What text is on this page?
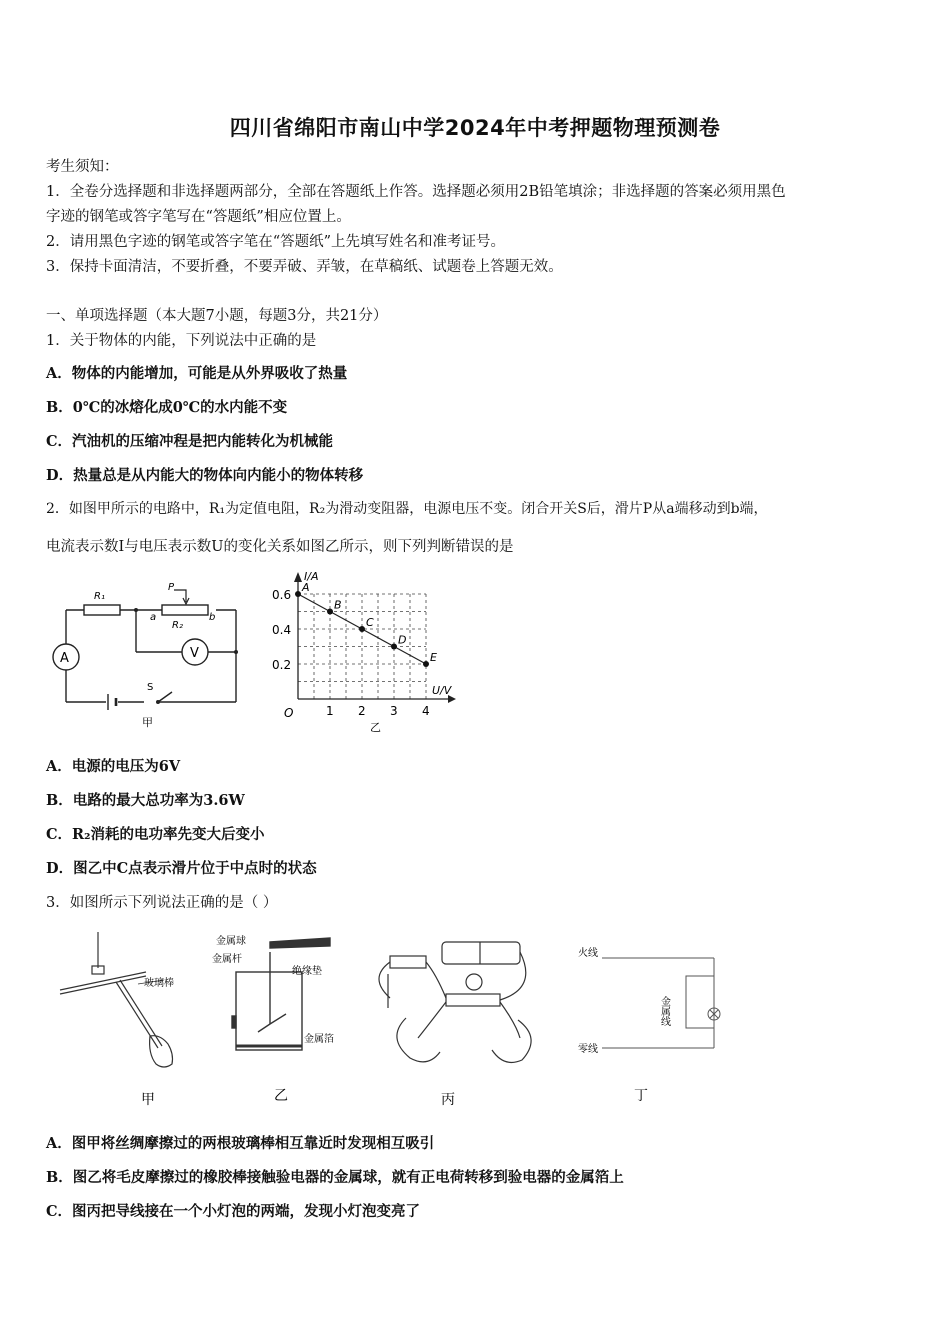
四川省绵阳市南山中学2024年中考押题物理预测卷
考生须知：
1．全卷分选择题和非选择题两部分，全部在答题纸上作答。选择题必须用2B铅笔填涂；非选择题的答案必须用黑色
字迹的钢笔或答字笔写在“答题纸”相应位置上。
2．请用黑色字迹的钢笔或答字笔在“答题纸”上先填写姓名和准考证号。
3．保持卡面清洁，不要折叠，不要弄破、弄皱，在草稿纸、试题卷上答题无效。
一、单项选择题（本大题7小题，每题3分，共21分）
1．关于物体的内能，下列说法中正确的是
A．物体的内能增加，可能是从外界吸收了热量
B．0℃的冰熔化成0℃的水内能不变
C．汽油机的压缩冲程是把内能转化为机械能
D．热量总是从内能大的物体向内能小的物体转移
2．如图甲所示的电路中，R₁为定值电阻，R₂为滑动变阻器，电源电压不变。闭合开关S后，滑片P从a端移动到b端，
电流表示数I与电压表示数U的变化关系如图乙所示，则下列判断错误的是
A	V
R₁
R₂
P
a	b
S
甲
1 2 3 4
0.2
0.4
0.6
A
B
C
D
E
I/A
U/V
O
乙
A．电源的电压为6V
B．电路的最大总功率为3.6W
C．R₂消耗的电功率先变大后变小
D．图乙中C点表示滑片位于中点时的状态
3．如图所示下列说法正确的是（ ）
玻璃棒
甲
金属球
金属杆
绝缘垫
金属箔
乙	丙
火线
零线
金属线
丁
A．图甲将丝绸摩擦过的两根玻璃棒相互靠近时发现相互吸引
B．图乙将毛皮摩擦过的橡胶棒接触验电器的金属球，就有正电荷转移到验电器的金属箔上
C．图丙把导线接在一个小灯泡的两端，发现小灯泡变亮了
